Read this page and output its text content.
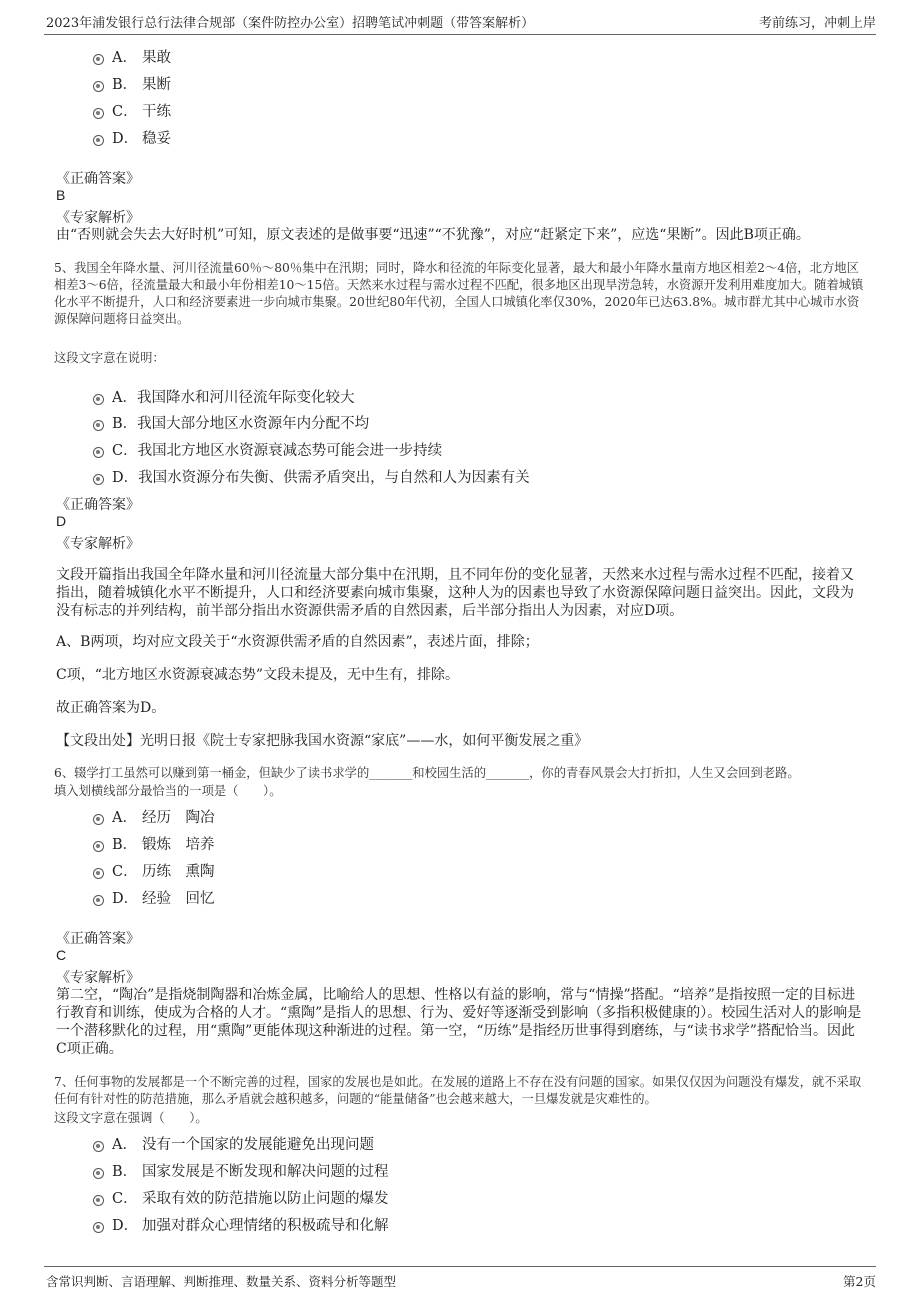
2023年浦发银行总行法律合规部（案件防控办公室）招聘笔试冲刺题（带答案解析）	考前练习，冲刺上岸
A． 果敢
B． 果断
C． 干练
D． 稳妥
《正确答案》
B
《专家解析》
由“否则就会失去大好时机”可知，原文表述的是做事要“迅速”“不犹豫”，对应“赶紧定下来”，应选“果断”。因此B项正确。
5、我国全年降水量、河川径流量60％～80％集中在汛期；同时，降水和径流的年际变化显著，最大和最小年降水量南方地区相差2～4倍，北方地区相差3～6倍，径流量最大和最小年份相差10～15倍。天然来水过程与需水过程不匹配，很多地区出现旱涝急转，水资源开发利用难度加大。随着城镇化水平不断提升，人口和经济要素进一步向城市集聚。20世纪80年代初，全国人口城镇化率仅30%，2020年已达63.8%。城市群尤其中心城市水资源保障问题将日益突出。
这段文字意在说明：
A．我国降水和河川径流年际变化较大
B．我国大部分地区水资源年内分配不均
C．我国北方地区水资源衰减态势可能会进一步持续
D．我国水资源分布失衡、供需矛盾突出，与自然和人为因素有关
《正确答案》
D
《专家解析》
文段开篇指出我国全年降水量和河川径流量大部分集中在汛期，且不同年份的变化显著，天然来水过程与需水过程不匹配，接着又指出，随着城镇化水平不断提升，人口和经济要素向城市集聚，这种人为的因素也导致了水资源保障问题日益突出。因此，文段为没有标志的并列结构，前半部分指出水资源供需矛盾的自然因素，后半部分指出人为因素，对应D项。
A、B两项，均对应文段关于“水资源供需矛盾的自然因素”，表述片面，排除；
C项，“北方地区水资源衰减态势”文段未提及，无中生有，排除。
故正确答案为D。
【文段出处】光明日报《院士专家把脉我国水资源“家底”——水，如何平衡发展之重》
6、辍学打工虽然可以赚到第一桶金，但缺少了读书求学的_______和校园生活的_______，你的青春风景会大打折扣，人生又会回到老路。
填入划横线部分最恰当的一项是（　　）。
A． 经历　陶冶
B． 锻炼　培养
C． 历练　熏陶
D． 经验　回忆
《正确答案》
C
《专家解析》
第二空，“陶冶”是指烧制陶器和冶炼金属，比喻给人的思想、性格以有益的影响，常与“情操”搭配。“培养”是指按照一定的目标进行教育和训练，使成为合格的人才。“熏陶”是指人的思想、行为、爱好等逐渐受到影响（多指积极健康的）。校园生活对人的影响是一个潜移默化的过程，用“熏陶”更能体现这种渐进的过程。第一空，“历练”是指经历世事得到磨练，与“读书求学”搭配恰当。因此C项正确。
7、任何事物的发展都是一个不断完善的过程，国家的发展也是如此。在发展的道路上不存在没有问题的国家。如果仅仅因为问题没有爆发，就不采取任何有针对性的防范措施，那么矛盾就会越积越多，问题的“能量储备”也会越来越大，一旦爆发就是灾难性的。
这段文字意在强调（　　）。
A． 没有一个国家的发展能避免出现问题
B． 国家发展是不断发现和解决问题的过程
C． 采取有效的防范措施以防止问题的爆发
D． 加强对群众心理情绪的积极疏导和化解
含常识判断、言语理解、判断推理、数量关系、资料分析等题型	第2页
